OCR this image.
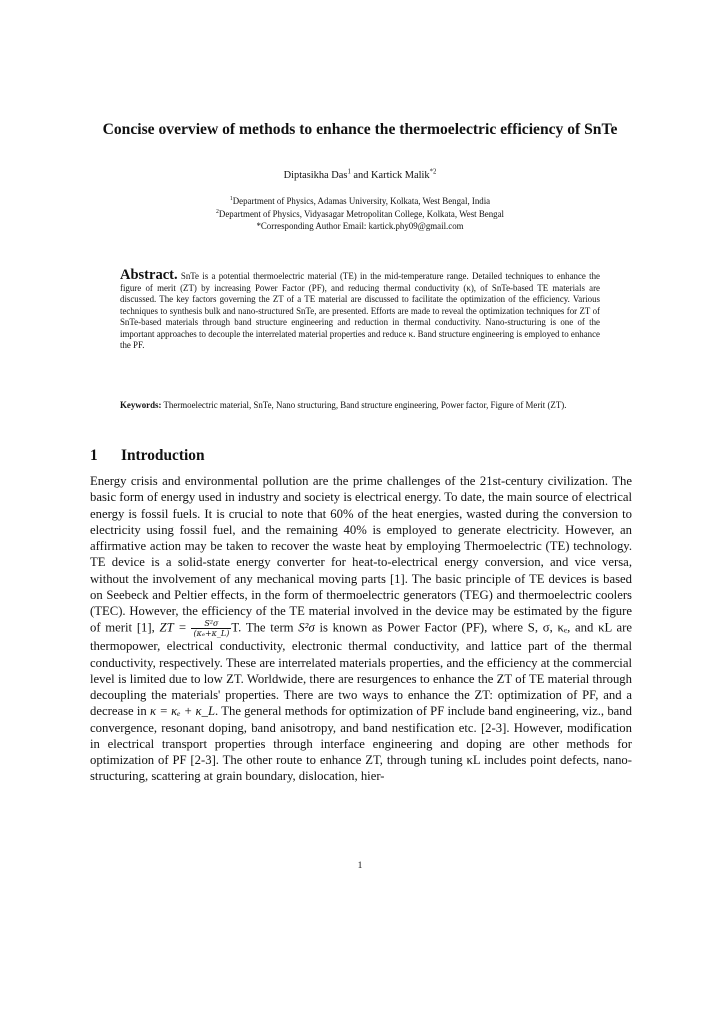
Concise overview of methods to enhance the thermoelectric efficiency of SnTe
Diptasikha Das$^1$ and Kartick Malik$^{*2}$
$^1$Department of Physics, Adamas University, Kolkata, West Bengal, India
$^2$Department of Physics, Vidyasagar Metropolitan College, Kolkata, West Bengal
*Corresponding Author Email: kartick.phy09@gmail.com
Abstract. SnTe is a potential thermoelectric material (TE) in the mid-temperature range. Detailed techniques to enhance the figure of merit (ZT) by increasing Power Factor (PF), and reducing thermal conductivity (κ), of SnTe-based TE materials are discussed. The key factors governing the ZT of a TE material are discussed to facilitate the optimization of the efficiency. Various techniques to synthesis bulk and nano-structured SnTe, are presented. Efforts are made to reveal the optimization techniques for ZT of SnTe-based materials through band structure engineering and reduction in thermal conductivity. Nano-structuring is one of the important approaches to decouple the interrelated material properties and reduce κ. Band structure engineering is employed to enhance the PF.
Keywords: Thermoelectric material, SnTe, Nano structuring, Band structure engineering, Power factor, Figure of Merit (ZT).
1 Introduction
Energy crisis and environmental pollution are the prime challenges of the 21st-century civilization. The basic form of energy used in industry and society is electrical energy. To date, the main source of electrical energy is fossil fuels. It is crucial to note that 60% of the heat energies, wasted during the conversion to electricity using fossil fuel, and the remaining 40% is employed to generate electricity. However, an affirmative action may be taken to recover the waste heat by employing Thermoelectric (TE) technology. TE device is a solid-state energy converter for heat-to-electrical energy conversion, and vice versa, without the involvement of any mechanical moving parts [1]. The basic principle of TE devices is based on Seebeck and Peltier effects, in the form of thermoelectric generators (TEG) and thermoelectric coolers (TEC). However, the efficiency of the TE material involved in the device may be estimated by the figure of merit [1], ZT = $\frac{\text{S²σ}}{\text{(κₑ+κ\_L)}} T$. The term S²σ is known as Power Factor (PF), where S, σ, κₑ, and κL are thermopower, electrical conductivity, electronic thermal conductivity, and lattice part of the thermal conductivity, respectively. These are interrelated materials properties, and the efficiency at the commercial level is limited due to low ZT. Worldwide, there are resurgences to enhance the ZT of TE material through decoupling the materials' properties. There are two ways to enhance the ZT: optimization of PF, and a decrease in κ = κₑ + κ_L. The general methods for optimization of PF include band engineering, viz., band convergence, resonant doping, band anisotropy, and band nestification etc. [2-3]. However, modification in electrical transport properties through interface engineering and doping are other methods for optimization of PF [2-3]. The other route to enhance ZT, through tuning κL includes point defects, nano-structuring, scattering at grain boundary, dislocation, hier-
1
